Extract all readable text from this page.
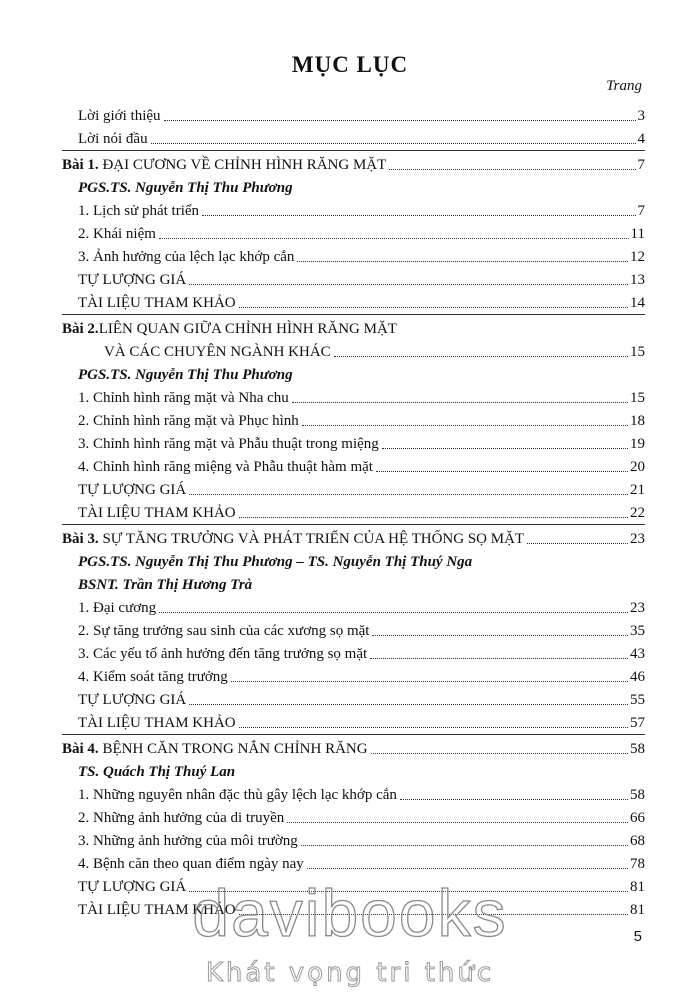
MỤC LỤC
Trang
Lời giới thiệu	3
Lời nói đầu	4
Bài 1. ĐẠI CƯƠNG VỀ CHỈNH HÌNH RĂNG MẶT	7
PGS.TS. Nguyễn Thị Thu Phương
1. Lịch sử phát triển	7
2. Khái niệm	11
3. Ảnh hưởng của lệch lạc khớp cắn	12
TỰ LƯỢNG GIÁ	13
TÀI LIỆU THAM KHẢO	14
Bài 2. LIÊN QUAN GIỮA CHỈNH HÌNH RĂNG MẶT
VÀ CÁC CHUYÊN NGÀNH KHÁC	15
PGS.TS. Nguyễn Thị Thu Phương
1. Chỉnh hình răng mặt và Nha chu	15
2. Chỉnh hình răng mặt và Phục hình	18
3. Chỉnh hình răng mặt và Phẫu thuật trong miệng	19
4. Chỉnh hình răng miệng và Phẫu thuật hàm mặt	20
TỰ LƯỢNG GIÁ	21
TÀI LIỆU THAM KHẢO	22
Bài 3. SỰ TĂNG TRƯỞNG VÀ PHÁT TRIỂN CỦA HỆ THỐNG SỌ MẶT	23
PGS.TS. Nguyễn Thị Thu Phương – TS. Nguyễn Thị Thuý Nga
BSNT. Trần Thị Hương Trà
1. Đại cương	23
2. Sự tăng trưởng sau sinh của các xương sọ mặt	35
3. Các yếu tố ảnh hưởng đến tăng trưởng sọ mặt	43
4. Kiểm soát tăng trưởng	46
TỰ LƯỢNG GIÁ	55
TÀI LIỆU THAM KHẢO	57
Bài 4. BỆNH CĂN TRONG NẮN CHỈNH RĂNG	58
TS. Quách Thị Thuý Lan
1. Những nguyên nhân đặc thù gây lệch lạc khớp cắn	58
2. Những ảnh hưởng của di truyền	66
3. Những ảnh hưởng của môi trường	68
4. Bệnh căn theo quan điểm ngày nay	78
TỰ LƯỢNG GIÁ	81
TÀI LIỆU THAM KHẢO	81
davibooks
Khát vọng tri thức
5
